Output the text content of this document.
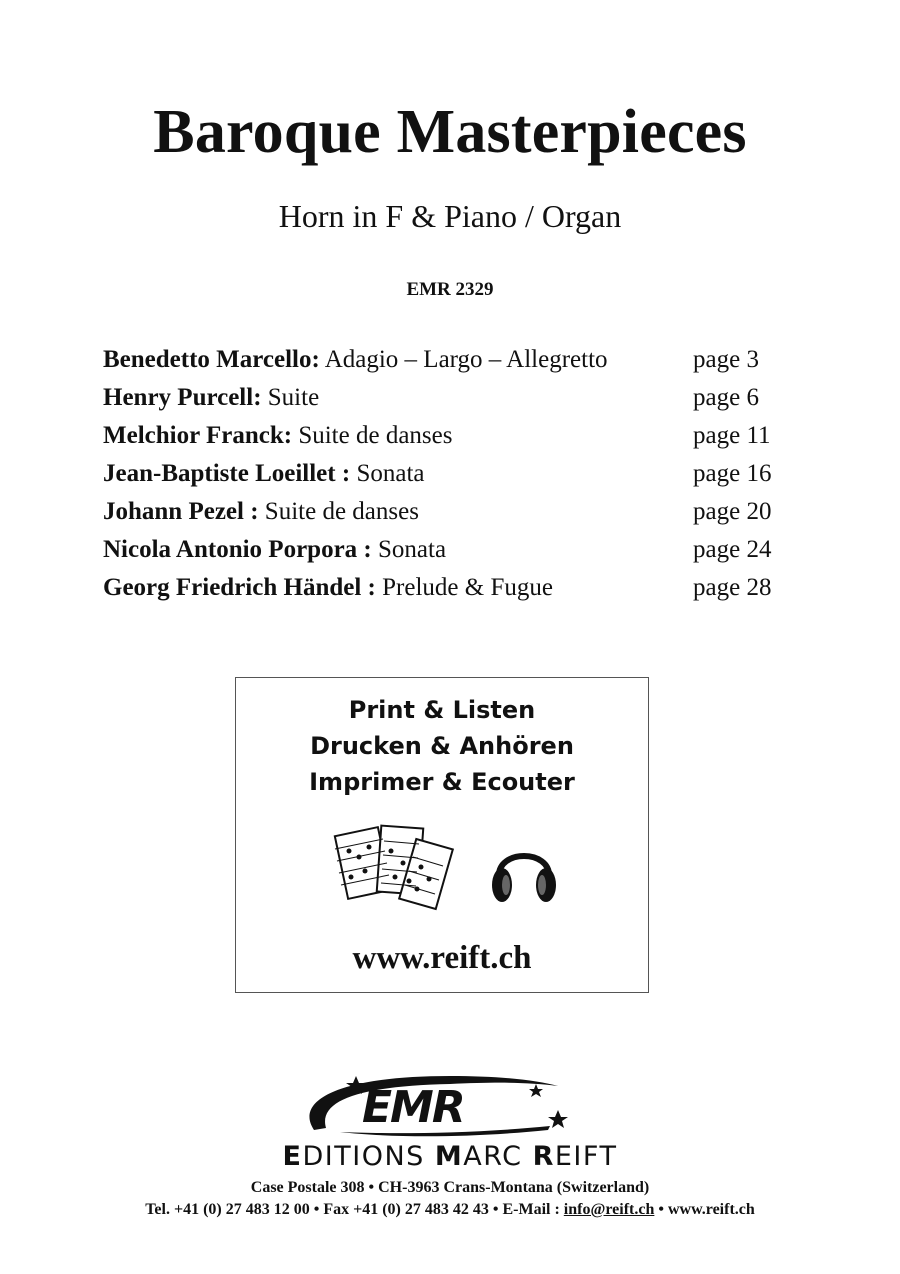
Baroque Masterpieces
Horn in F & Piano / Organ
EMR 2329
Benedetto Marcello: Adagio – Largo – Allegretto	page 3
Henry Purcell: Suite	page 6
Melchior Franck: Suite de danses	page 11
Jean-Baptiste Loeillet : Sonata	page 16
Johann Pezel : Suite de danses	page 20
Nicola Antonio Porpora : Sonata	page 24
Georg Friedrich Händel : Prelude & Fugue	page 28
Print & Listen
Drucken & Anhören
Imprimer & Ecouter
www.reift.ch
EMR
EDITIONS MARC REIFT
Case Postale 308 • CH-3963 Crans-Montana (Switzerland)
Tel. +41 (0) 27 483 12 00 • Fax +41 (0) 27 483 42 43 • E-Mail : info@reift.ch • www.reift.ch
